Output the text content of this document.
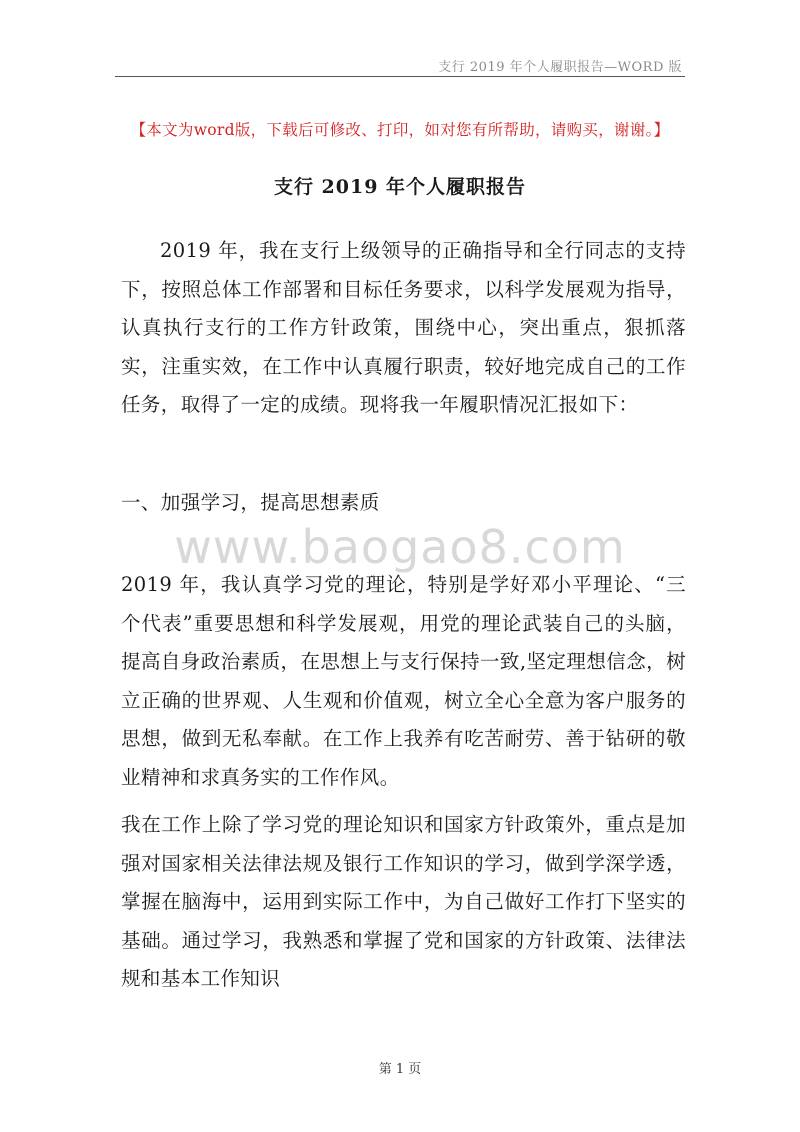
支行 2019 年个人履职报告—WORD 版
【本文为word版，下载后可修改、打印，如对您有所帮助，请购买，谢谢。】
支行 2019 年个人履职报告

2019 年，我在支行上级领导的正确指导和全行同志的支持下，按照总体工作部署和目标任务要求，以科学发展观为指导，认真执行支行的工作方针政策，围绕中心，突出重点，狠抓落实，注重实效，在工作中认真履行职责，较好地完成自己的工作任务，取得了一定的成绩。现将我一年履职情况汇报如下：

一、加强学习，提高思想素质

www.baogao8.com

2019 年，我认真学习党的理论，特别是学好邓小平理论、“三个代表”重要思想和科学发展观，用党的理论武装自己的头脑，提高自身政治素质，在思想上与支行保持一致,坚定理想信念，树立正确的世界观、人生观和价值观，树立全心全意为客户服务的思想，做到无私奉献。在工作上我养有吃苦耐劳、善于钻研的敬业精神和求真务实的工作作风。

我在工作上除了学习党的理论知识和国家方针政策外，重点是加强对国家相关法律法规及银行工作知识的学习，做到学深学透，掌握在脑海中，运用到实际工作中，为自己做好工作打下坚实的基础。通过学习，我熟悉和掌握了党和国家的方针政策、法律法规和基本工作知识

第 1 页
